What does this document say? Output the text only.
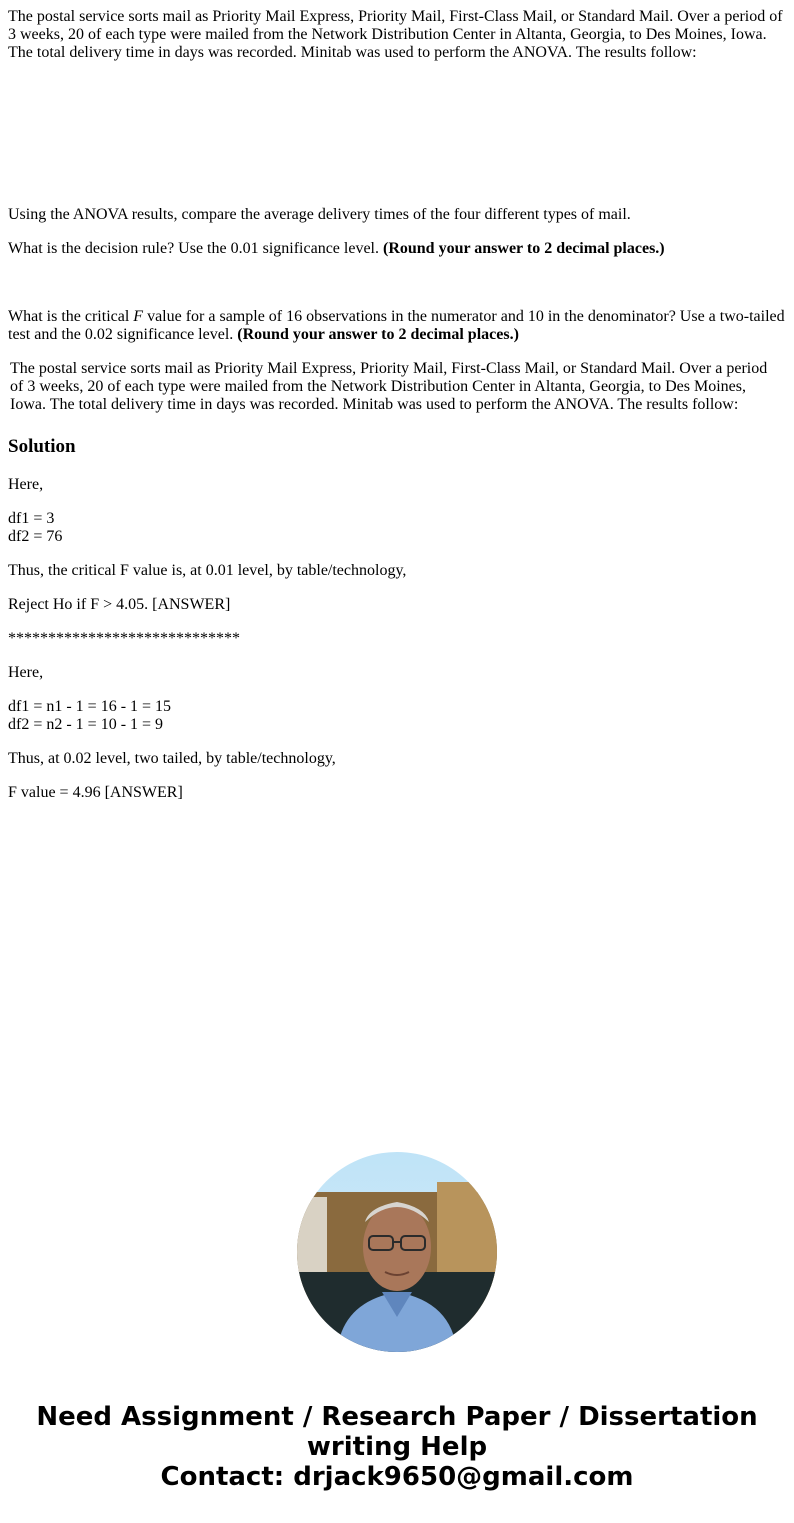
The postal service sorts mail as Priority Mail Express, Priority Mail, First-Class Mail, or Standard Mail. Over a period of 3 weeks, 20 of each type were mailed from the Network Distribution Center in Altanta, Georgia, to Des Moines, Iowa. The total delivery time in days was recorded. Minitab was used to perform the ANOVA. The results follow:

Using the ANOVA results, compare the average delivery times of the four different types of mail.

What is the decision rule? Use the 0.01 significance level. (Round your answer to 2 decimal places.)

What is the critical F value for a sample of 16 observations in the numerator and 10 in the denominator? Use a two-tailed test and the 0.02 significance level. (Round your answer to 2 decimal places.)

The postal service sorts mail as Priority Mail Express, Priority Mail, First-Class Mail, or Standard Mail. Over a period of 3 weeks, 20 of each type were mailed from the Network Distribution Center in Altanta, Georgia, to Des Moines, Iowa. The total delivery time in days was recorded. Minitab was used to perform the ANOVA. The results follow:

Solution

Here,

df1 = 3
df2 = 76

Thus, the critical F value is, at 0.01 level, by table/technology,

Reject Ho if F > 4.05. [ANSWER]

*****************************

Here,

df1 = n1 - 1 = 16 - 1 = 15
df2 = n2 - 1 = 10 - 1 = 9

Thus, at 0.02 level, two tailed, by table/technology,

F value = 4.96 [ANSWER]

Need Assignment / Research Paper / Dissertation writing Help
Contact: drjack9650@gmail.com
